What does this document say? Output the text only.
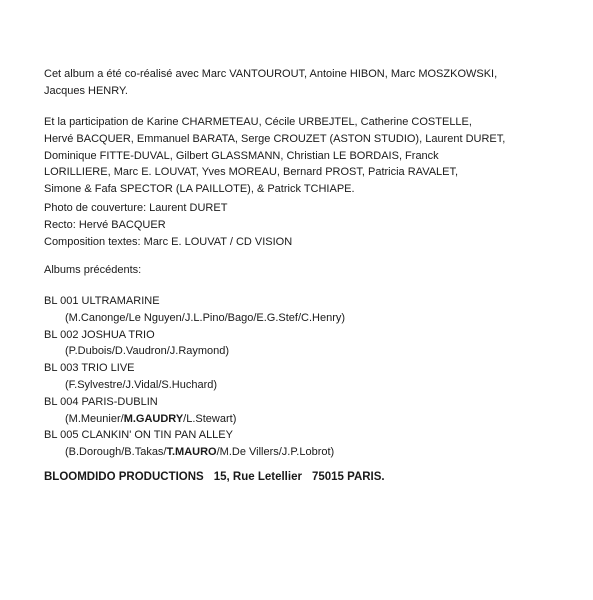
Cet album a été co-réalisé avec Marc VANTOUROUT, Antoine HIBON, Marc MOSZKOWSKI,
Jacques HENRY.
Et la participation de Karine CHARMETEAU, Cécile URBEJTEL, Catherine COSTELLE,
Hervé BACQUER, Emmanuel BARATA, Serge CROUZET (ASTON STUDIO), Laurent DURET,
Dominique FITTE-DUVAL, Gilbert GLASSMANN, Christian LE BORDAIS, Franck
LORILLIERE, Marc E. LOUVAT, Yves MOREAU, Bernard PROST, Patricia RAVALET,
Simone & Fafa SPECTOR (LA PAILLOTE), & Patrick TCHIAPE.
Photo de couverture: Laurent DURET
Recto: Hervé BACQUER
Composition textes: Marc E. LOUVAT / CD VISION
Albums précédents:
BL 001 ULTRAMARINE
(M.Canonge/Le Nguyen/J.L.Pino/Bago/E.G.Stef/C.Henry)
BL 002 JOSHUA TRIO
(P.Dubois/D.Vaudron/J.Raymond)
BL 003 TRIO LIVE
(F.Sylvestre/J.Vidal/S.Huchard)
BL 004 PARIS-DUBLIN
(M.Meunier/M.GAUDRY/L.Stewart)
BL 005 CLANKIN' ON TIN PAN ALLEY
(B.Dorough/B.Takas/T.MAURO/M.De Villers/J.P.Lobrot)
BLOOMDIDO PRODUCTIONS 15, Rue Letellier 75015 PARIS.
